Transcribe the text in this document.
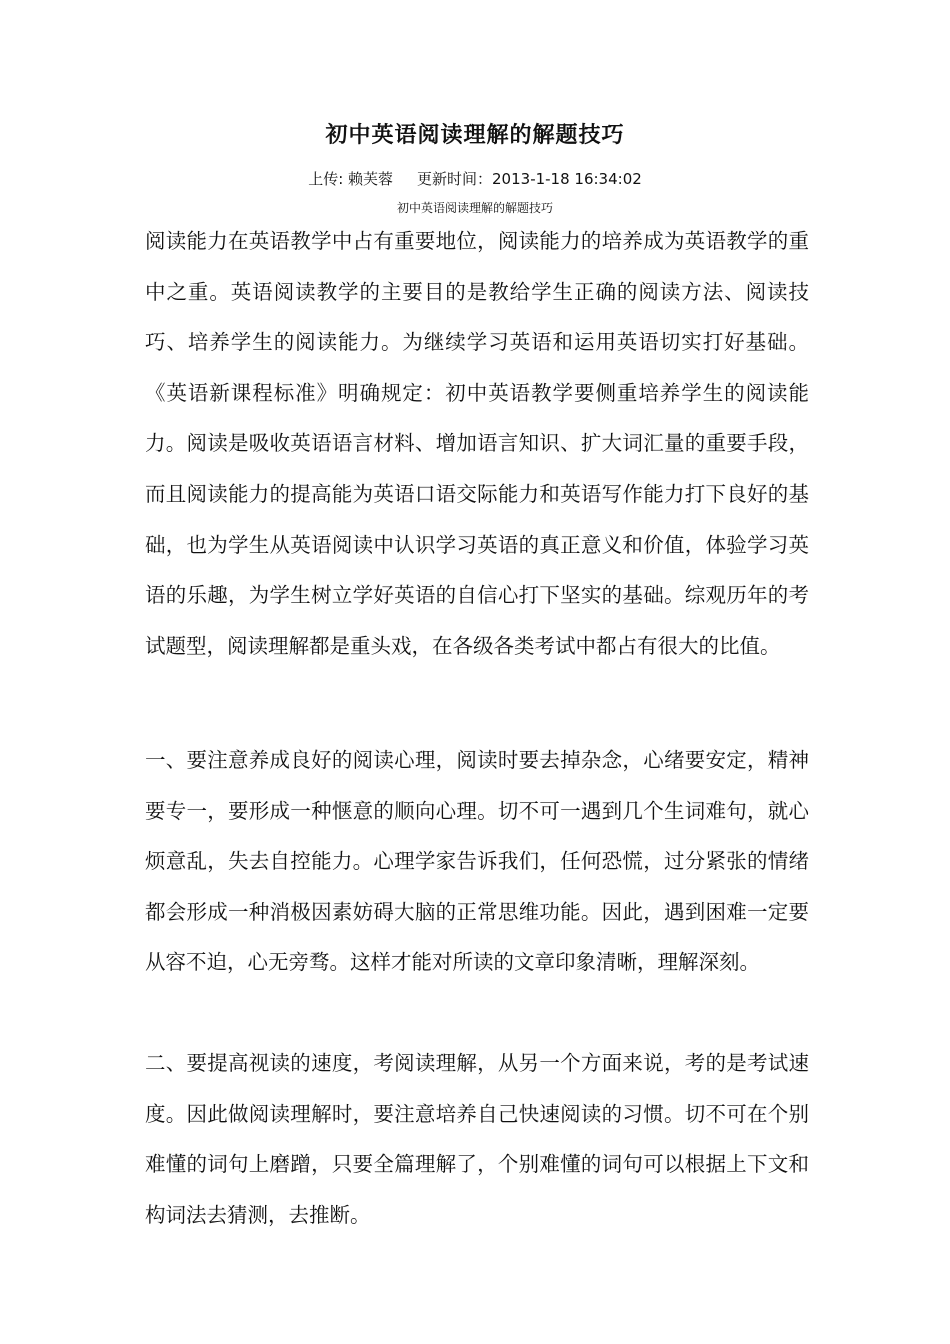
初中英语阅读理解的解题技巧
上传: 赖芙蓉 更新时间：2013-1-18 16:34:02
初中英语阅读理解的解题技巧

阅读能力在英语教学中占有重要地位，阅读能力的培养成为英语教学的重中之重。英语阅读教学的主要目的是教给学生正确的阅读方法、阅读技巧、培养学生的阅读能力。为继续学习英语和运用英语切实打好基础。《英语新课程标准》明确规定：初中英语教学要侧重培养学生的阅读能力。阅读是吸收英语语言材料、增加语言知识、扩大词汇量的重要手段，而且阅读能力的提高能为英语口语交际能力和英语写作能力打下良好的基础，也为学生从英语阅读中认识学习英语的真正意义和价值，体验学习英语的乐趣，为学生树立学好英语的自信心打下坚实的基础。综观历年的考试题型，阅读理解都是重头戏，在各级各类考试中都占有很大的比值。

一、要注意养成良好的阅读心理，阅读时要去掉杂念，心绪要安定，精神要专一，要形成一种惬意的顺向心理。切不可一遇到几个生词难句，就心烦意乱，失去自控能力。心理学家告诉我们，任何恐慌，过分紧张的情绪都会形成一种消极因素妨碍大脑的正常思维功能。因此，遇到困难一定要从容不迫，心无旁骛。这样才能对所读的文章印象清晰，理解深刻。

二、要提高视读的速度，考阅读理解，从另一个方面来说，考的是考试速度。因此做阅读理解时，要注意培养自己快速阅读的习惯。切不可在个别难懂的词句上磨蹭，只要全篇理解了，个别难懂的词句可以根据上下文和构词法去猜测，去推断。
